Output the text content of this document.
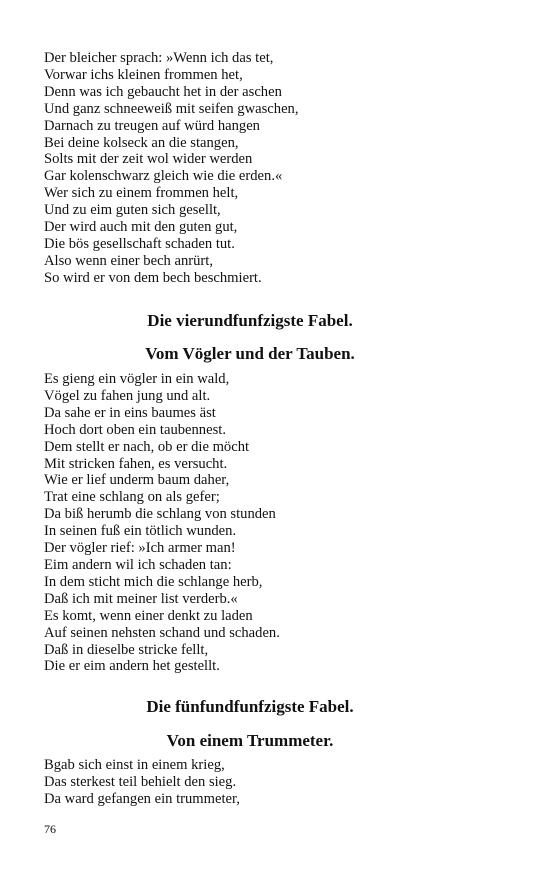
Der bleicher sprach: »Wenn ich das tet,
Vorwar ichs kleinen frommen het,
Denn was ich gebaucht het in der aschen
Und ganz schneeweiß mit seifen gwaschen,
Darnach zu treugen auf würd hangen
Bei deine kolseck an die stangen,
Solts mit der zeit wol wider werden
Gar kolenschwarz gleich wie die erden.«
Wer sich zu einem frommen helt,
Und zu eim guten sich gesellt,
Der wird auch mit den guten gut,
Die bös gesellschaft schaden tut.
Also wenn einer bech anrürt,
So wird er von dem bech beschmiert.
Die vierundfunfzigste Fabel.
Vom Vögler und der Tauben.
Es gieng ein vögler in ein wald,
Vögel zu fahen jung und alt.
Da sahe er in eins baumes äst
Hoch dort oben ein taubennest.
Dem stellt er nach, ob er die möcht
Mit stricken fahen, es versucht.
Wie er lief underm baum daher,
Trat eine schlang on als gefer;
Da biß herumb die schlang von stunden
In seinen fuß ein tötlich wunden.
Der vögler rief: »Ich armer man!
Eim andern wil ich schaden tan:
In dem sticht mich die schlange herb,
Daß ich mit meiner list verderb.«
Es komt, wenn einer denkt zu laden
Auf seinen nehsten schand und schaden.
Daß in dieselbe stricke fellt,
Die er eim andern het gestellt.
Die fünfundfunfzigste Fabel.
Von einem Trummeter.
Bgab sich einst in einem krieg,
Das sterkest teil behielt den sieg.
Da ward gefangen ein trummeter,
76
